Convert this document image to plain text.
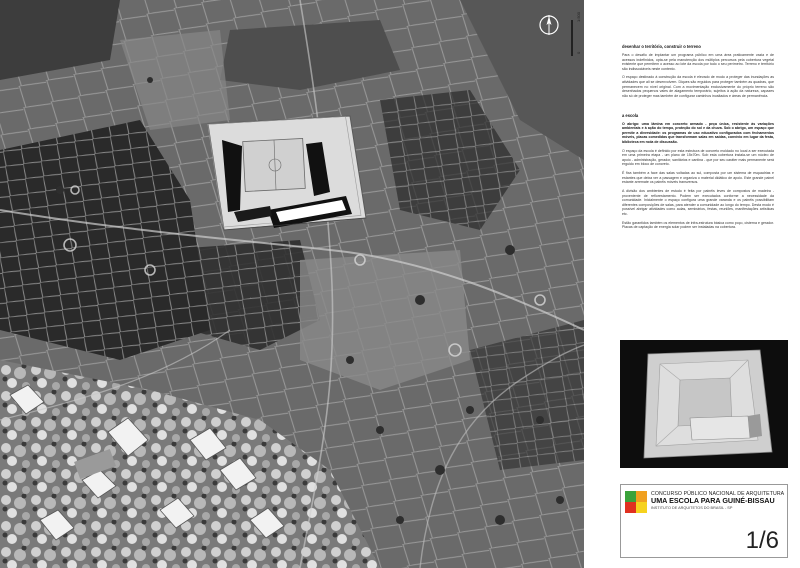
1:500
0
desenhar o território, construir o terreno

Para o desafio de implantar um programa público em uma área praticamente vazia e de acessos indefinidos, opta-se pela manutenção dos múltiplos percursos pela cobertura vegetal existente que permitem o acesso ao lote da escola por todo o seu perímetro. Terreno e território são indissociáveis neste contexto.

O espaço destinado à construção da escola é elevado de modo a proteger das inundações as atividades que ali se desenvolvem. Diques são erguidos para proteger também as quadras, que permanecem no nível original. Com a movimentação exclusivamente do próprio terreno são desenhados pequenos vales de alagamento temporário, sujeitos à ação da natureza, capazes não só de proteger mas também de configurar caminhos inusitados e áreas de permanência.

a escola

O abrigo: uma lâmina em concreto armado - peça única, resistente às variações ambientais e à ação do tempo, proteção do sol e da chuva. Sob o abrigo, um espaço que permite a diversidade: os programas de uso educativo configurados com fechamentos móveis, placas comedidas que transformam salas em saídas, convívio em lugar da festa, biblioteca em roda de discussão.

O espaço da escola é definido por esta estrutura de concreto moldado no local a ser executada em uma primeira etapa - um plano de 15x70m. Sob esta cobertura instala-se um núcleo de apoio - administração, gerador, sanitários e cantina - que por seu caráter mais permanente será erguido em bloco de concreto.

É fixa também a face das salas voltadas ao sul, composta por um sistema de esquadrias e estantes que deixa ver a passagem e organiza o material didático de apoio. Este grande painel estante arremate os painéis móveis transversos.

A divisão dos ambientes de estudo é feita por painéis leves de compostos de madeira - proveniente de reflorestamento. Podem ser executados conforme a necessidade da comunidade. Inicialmente o espaço configura uma grande varanda e os painéis possibilitam diferentes composições de salas, para atender a comunidade ao longo do tempo. Desta modo é possível abrigar atividades como aulas, seminários, festas, reuniões, manifestações artísticas etc.

Estão garantidos também os elementos de infra-estrutura básica como poço, cisterna e gerador. Placas de captação de energia solar podem ser instaladas na cobertura.

CONCURSO PÚBLICO NACIONAL DE ARQUITETURA
UMA ESCOLA PARA GUINÉ-BISSAU
INSTITUTO DE ARQUITETOS DO BRASIL - SP
1/6
